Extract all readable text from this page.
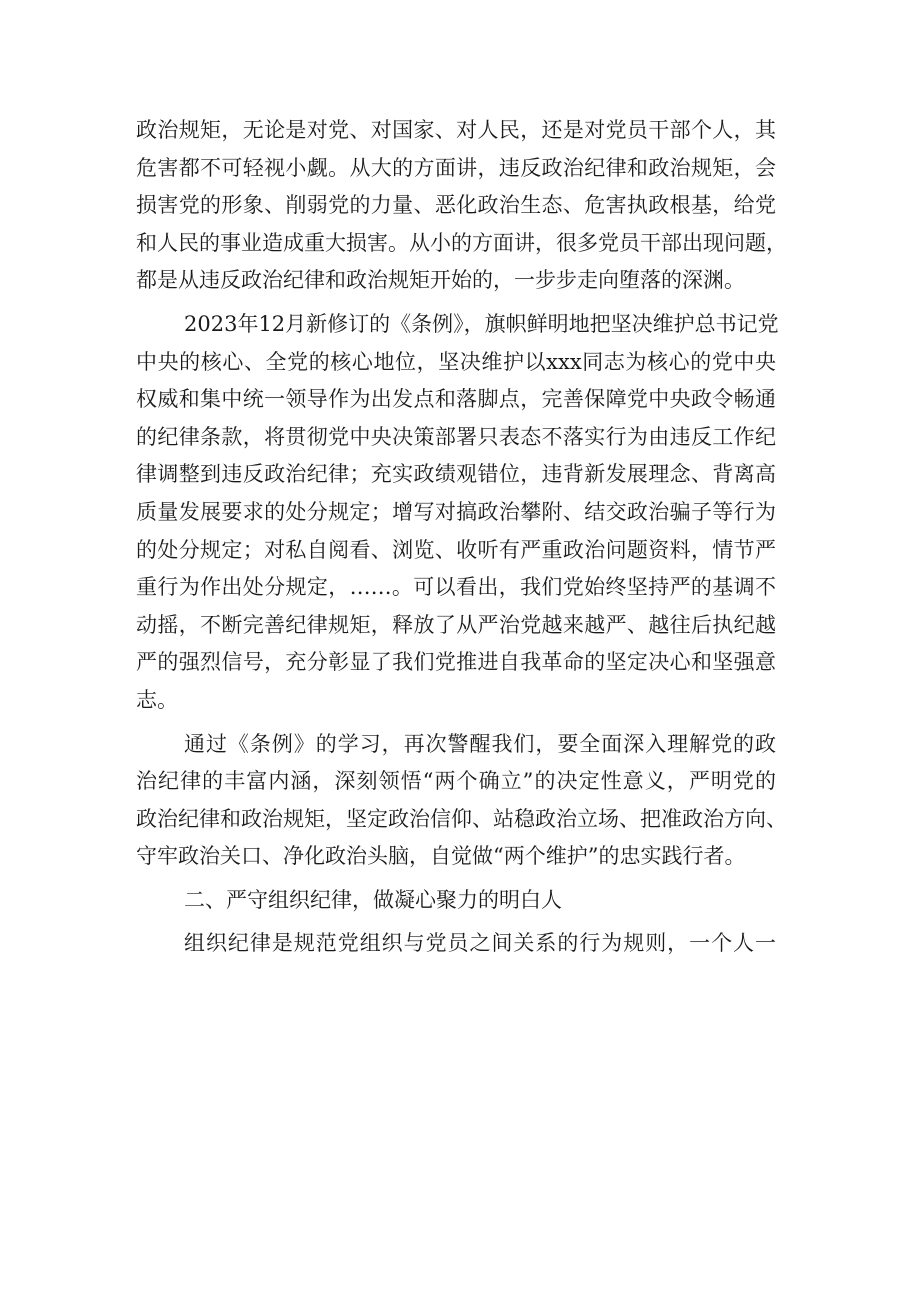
政治规矩，无论是对党、对国家、对人民，还是对党员干部个人，其
危害都不可轻视小觑。从大的方面讲，违反政治纪律和政治规矩，会
损害党的形象、削弱党的力量、恶化政治生态、危害执政根基，给党
和人民的事业造成重大损害。从小的方面讲，很多党员干部出现问题，
都是从违反政治纪律和政治规矩开始的，一步步走向堕落的深渊。
2023年12月新修订的《条例》，旗帜鲜明地把坚决维护总书记党
中央的核心、全党的核心地位，坚决维护以xxx同志为核心的党中央
权威和集中统一领导作为出发点和落脚点，完善保障党中央政令畅通
的纪律条款，将贯彻党中央决策部署只表态不落实行为由违反工作纪
律调整到违反政治纪律；充实政绩观错位，违背新发展理念、背离高
质量发展要求的处分规定；增写对搞政治攀附、结交政治骗子等行为
的处分规定；对私自阅看、浏览、收听有严重政治问题资料，情节严
重行为作出处分规定，……。可以看出，我们党始终坚持严的基调不
动摇，不断完善纪律规矩，释放了从严治党越来越严、越往后执纪越
严的强烈信号，充分彰显了我们党推进自我革命的坚定决心和坚强意
志。
通过《条例》的学习，再次警醒我们，要全面深入理解党的政
治纪律的丰富内涵，深刻领悟“两个确立”的决定性意义，严明党的
政治纪律和政治规矩，坚定政治信仰、站稳政治立场、把准政治方向、
守牢政治关口、净化政治头脑，自觉做“两个维护”的忠实践行者。
二、严守组织纪律，做凝心聚力的明白人
组织纪律是规范党组织与党员之间关系的行为规则，一个人一
